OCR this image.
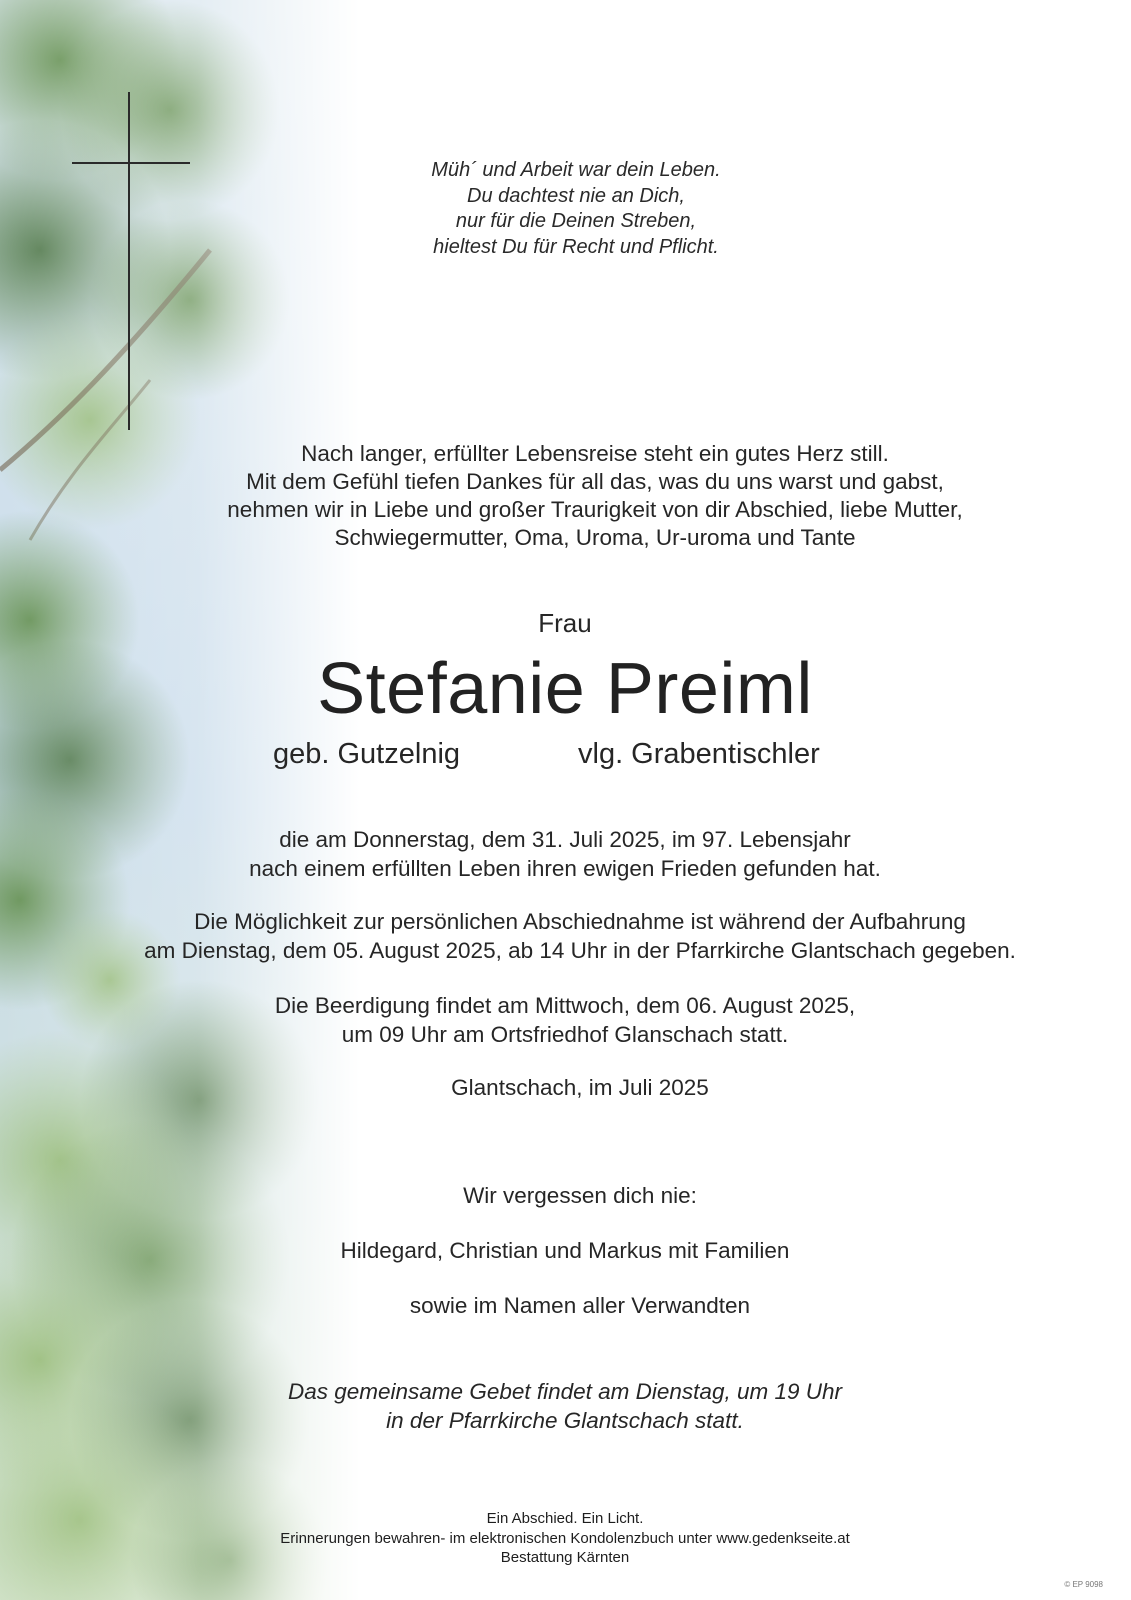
Müh´ und Arbeit war dein Leben.
Du dachtest nie an Dich,
nur für die Deinen Streben,
hieltest Du für Recht und Pflicht.
Nach langer, erfüllter Lebensreise steht ein gutes Herz still.
Mit dem Gefühl tiefen Dankes für all das, was du uns warst und gabst,
nehmen wir in Liebe und großer Traurigkeit von dir Abschied, liebe Mutter,
Schwiegermutter, Oma, Uroma, Ur-uroma und Tante
Frau
Stefanie Preiml
geb. Gutzelnig	vlg. Grabentischler
die am Donnerstag, dem 31. Juli 2025, im 97. Lebensjahr
nach einem erfüllten Leben ihren ewigen Frieden gefunden hat.
Die Möglichkeit zur persönlichen Abschiednahme ist während der Aufbahrung
am Dienstag, dem 05. August 2025, ab 14 Uhr in der Pfarrkirche Glantschach gegeben.
Die Beerdigung findet am Mittwoch, dem 06. August 2025,
um 09 Uhr am Ortsfriedhof Glanschach statt.
Glantschach, im Juli 2025
Wir vergessen dich nie:
Hildegard, Christian und Markus mit Familien
sowie im Namen aller Verwandten
Das gemeinsame Gebet findet am Dienstag, um 19 Uhr
in der Pfarrkirche Glantschach statt.
Ein Abschied. Ein Licht.
Erinnerungen bewahren- im elektronischen Kondolenzbuch unter www.gedenkseite.at
Bestattung Kärnten
© EP 9098
